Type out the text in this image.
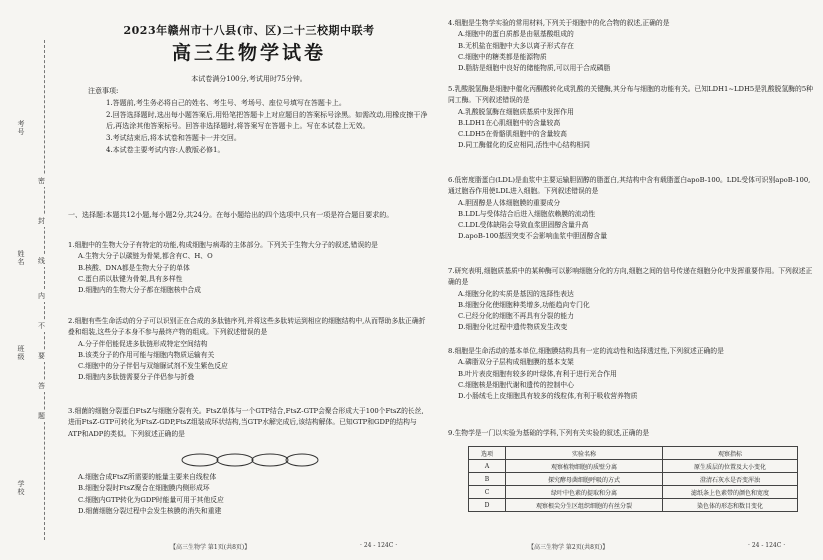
考号
姓名
班级
学校
密
封
线
内
不
要
答
题
2023年赣州市十八县(市、区)二十三校期中联考
高三生物学试卷
本试卷满分100分,考试用时75分钟。

注意事项:

1.答题前,考生务必将自己的姓名、考生号、考场号、座位号填写在答题卡上。

2.回答选择题时,选出每小题答案后,用铅笔把答题卡上对应题目的答案标号涂黑。如需改动,用橡皮擦干净后,再选涂其他答案标号。回答非选择题时,将答案写在答题卡上。写在本试卷上无效。

3.考试结束后,将本试卷和答题卡一并交回。

4.本试卷主要考试内容:人教版必修1。

一、选择题:本题共12小题,每小题2分,共24分。在每小题给出的四个选项中,只有一项是符合题目要求的。

1.细胞中的生物大分子有特定的功能,构成细胞与病毒的主体部分。下列关于生物大分子的叙述,错误的是

A.生物大分子以碳链为骨架,都含有C、H、O

B.核酸、DNA都是生物大分子的单体

C.蛋白质以肽键为骨架,具有多样性

D.细胞内的生物大分子都在细胞核中合成

2.细胞有些生命活动的分子可以识别正在合成的多肽链序列,并将这些多肽转运到相应的细胞结构中,从而帮助多肽正确折叠和组装,这些分子本身不参与最终产物的组成。下列叙述错误的是

A.分子伴侣能促进多肽链形成特定空间结构

B.该类分子的作用可能与细胞内物质运输有关

C.细胞中的分子伴侣与双缩脲试剂不发生紫色反应

D.细胞内多肽链需要分子伴侣参与折叠

3.细菌的细胞分裂蛋白FtsZ与细胞分裂有关。FtsZ单体与一个GTP结合,FtsZ-GTP会聚合形成大于100个FtsZ的长丝,进而FtsZ-GTP可转化为FtsZ-GDP,FtsZ组装成环状结构,当GTP水解完成后,该结构解体。已知GTP和GDP的结构与ATP和ADP的类似。下列叙述正确的是

A.细胞合成FtsZ所需要的能量主要来自线粒体

B.细胞分裂时FtsZ聚合在细胞膜内侧形成环

C.细胞内GTP转化为GDP时能量可用于其他反应

D.细菌细胞分裂过程中会发生核膜的消失和重建

【高三生物学 第1页(共8页)】	· 24 - 124C ·

4.细胞是生物学实验的常用材料,下列关于细胞中的化合物的叙述,正确的是

A.细胞中的蛋白质都是由氨基酸组成的

B.无机盐在细胞中大多以离子形式存在

C.细胞中的糖类都是能源物质

D.脂肪是细胞中良好的储能物质,可以用于合成磷脂

5.乳酸脱氢酶是细胞中催化丙酮酸转化成乳酸的关键酶,其分布与细胞的功能有关。已知LDH1~LDH5是乳酸脱氢酶的5种同工酶。下列叙述错误的是

A.乳酸脱氢酶在细胞质基质中发挥作用

B.LDH1在心肌细胞中的含量较高

C.LDH5在骨骼肌细胞中的含量较高

D.同工酶催化的反应相同,活性中心结构相同

6.低密度脂蛋白(LDL)是血浆中主要运输胆固醇的脂蛋白,其结构中含有载脂蛋白apoB-100。LDL受体可识别apoB-100,通过胞吞作用使LDL进入细胞。下列叙述错误的是

A.胆固醇是人体细胞膜的重要成分

B.LDL与受体结合后进入细胞依赖膜的流动性

C.LDL受体缺陷会导致血浆胆固醇含量升高

D.apoB-100基因突变不会影响血浆中胆固醇含量

7.研究表明,细胞质基质中的某种酶可以影响细胞分化的方向,细胞之间的信号传递在细胞分化中发挥重要作用。下列叙述正确的是

A.细胞分化的实质是基因的选择性表达

B.细胞分化使细胞种类增多,功能趋向专门化

C.已经分化的细胞不再具有分裂的能力

D.细胞分化过程中遗传物质发生改变

8.细胞是生命活动的基本单位,细胞膜结构具有一定的流动性和选择透过性,下列叙述正确的是

A.磷脂双分子层构成细胞膜的基本支架

B.叶片表皮细胞有较多的叶绿体,有利于进行光合作用

C.细胞核是细胞代谢和遗传的控制中心

D.小肠绒毛上皮细胞具有较多的线粒体,有利于吸收营养物质

9.生物学是一门以实验为基础的学科,下列有关实验的叙述,正确的是

选项	实验名称	观察指标
A	观察植物细胞的质壁分离	原生质层的位置及大小变化
B	探究酵母菌细胞呼吸的方式	澄清石灰水是否变浑浊
C	绿叶中色素的提取和分离	滤纸条上色素带的颜色和宽度
D	观察根尖分生区组织细胞的有丝分裂	染色体的形态和数目变化
【高三生物学 第2页(共8页)】	· 24 - 124C ·
